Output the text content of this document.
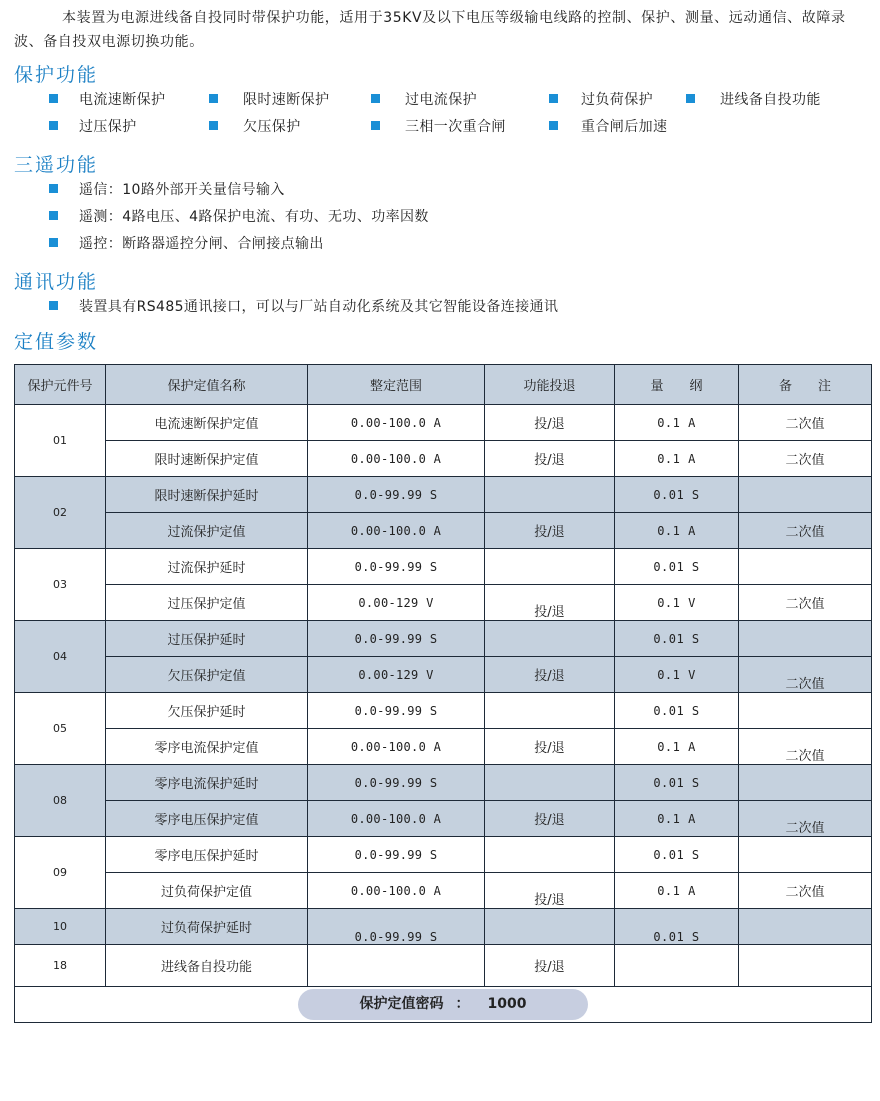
本装置为电源进线备自投同时带保护功能，适用于35KV及以下电压等级输电线路的控制、保护、测量、远动通信、故障录波、备自投双电源切换功能。
保护功能
电流速断保护	限时速断保护	过电流保护	过负荷保护	进线备自投功能
过压保护	欠压保护	三相一次重合闸	重合闸后加速
三遥功能
遥信：10路外部开关量信号输入
遥测：4路电压、4路保护电流、有功、无功、功率因数
遥控：断路器遥控分闸、合闸接点输出
通讯功能
装置具有RS485通讯接口，可以与厂站自动化系统及其它智能设备连接通讯
定值参数
保护元件号	保护定值名称	整定范围	功能投退	量　　纲	备　　注
01	电流速断保护定值	0.00-100.0 A	投/退	0.1 A	二次值
	限时速断保护定值	0.00-100.0 A	投/退	0.1 A	二次值
02	限时速断保护延时	0.0-99.99 S		0.01 S	
	过流保护定值	0.00-100.0 A	投/退	0.1 A	二次值
03	过流保护延时	0.0-99.99 S		0.01 S	
	过压保护定值	0.00-129 V	投/退	0.1 V	二次值
04	过压保护延时	0.0-99.99 S		0.01 S	
	欠压保护定值	0.00-129 V	投/退	0.1 V	二次值
05	欠压保护延时	0.0-99.99 S		0.01 S	
	零序电流保护定值	0.00-100.0 A	投/退	0.1 A	二次值
08	零序电流保护延时	0.0-99.99 S		0.01 S	
	零序电压保护定值	0.00-100.0 A	投/退	0.1 A	二次值
09	零序电压保护延时	0.0-99.99 S		0.01 S	
	过负荷保护定值	0.00-100.0 A	投/退	0.1 A	二次值
10	过负荷保护延时	0.0-99.99 S		0.01 S	
18	进线备自投功能		投/退		
保护定值密码 ： 1000					
